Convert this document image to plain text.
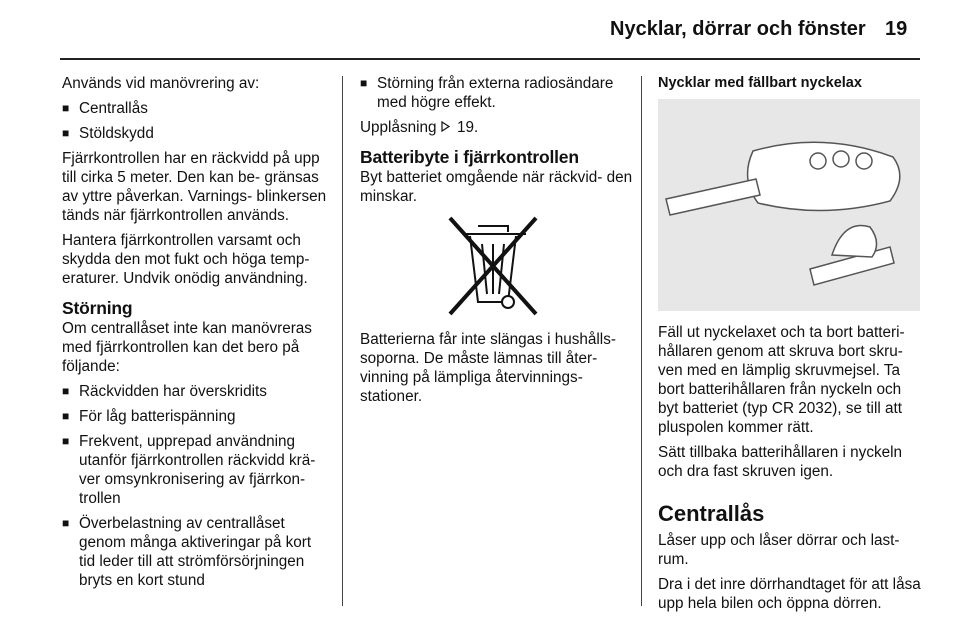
Nycklar, dörrar och fönster 19

Används vid manövrering av:

■ Centrallås
■ Stöldskydd

Fjärrkontrollen har en räckvidd på upp till cirka 5 meter. Den kan be- gränsas av yttre påverkan. Varnings- blinkersen tänds när fjärrkontrollen används.

Hantera fjärrkontrollen varsamt och skydda den mot fukt och höga temp- eraturer. Undvik onödig användning.

Störning

Om centrallåset inte kan manövreras med fjärrkontrollen kan det bero på följande:

■ Räckvidden har överskridits
■ För låg batterispänning
■ Frekvent, upprepad användning utanför fjärrkontrollen räckvidd krä- ver omsynkronisering av fjärrkon- trollen
■ Överbelastning av centrallåset genom många aktiveringar på kort tid leder till att strömförsörjningen bryts en kort stund
■ Störning från externa radiosändare med högre effekt.

Upplåsning 19.

Batteribyte i fjärrkontrollen

Byt batteriet omgående när räckvid- den minskar.

Batterierna får inte slängas i hushålls- soporna. De måste lämnas till åter- vinning på lämpliga återvinnings- stationer.

Nycklar med fällbart nyckelax

Fäll ut nyckelaxet och ta bort batteri- hållaren genom att skruva bort skru- ven med en lämplig skruvmejsel. Ta bort batterihållaren från nyckeln och byt batteriet (typ CR 2032), se till att pluspolen kommer rätt.

Sätt tillbaka batterihållaren i nyckeln och dra fast skruven igen.

Centrallås

Låser upp och låser dörrar och last- rum.

Dra i det inre dörrhandtaget för att låsa upp hela bilen och öppna dörren.
